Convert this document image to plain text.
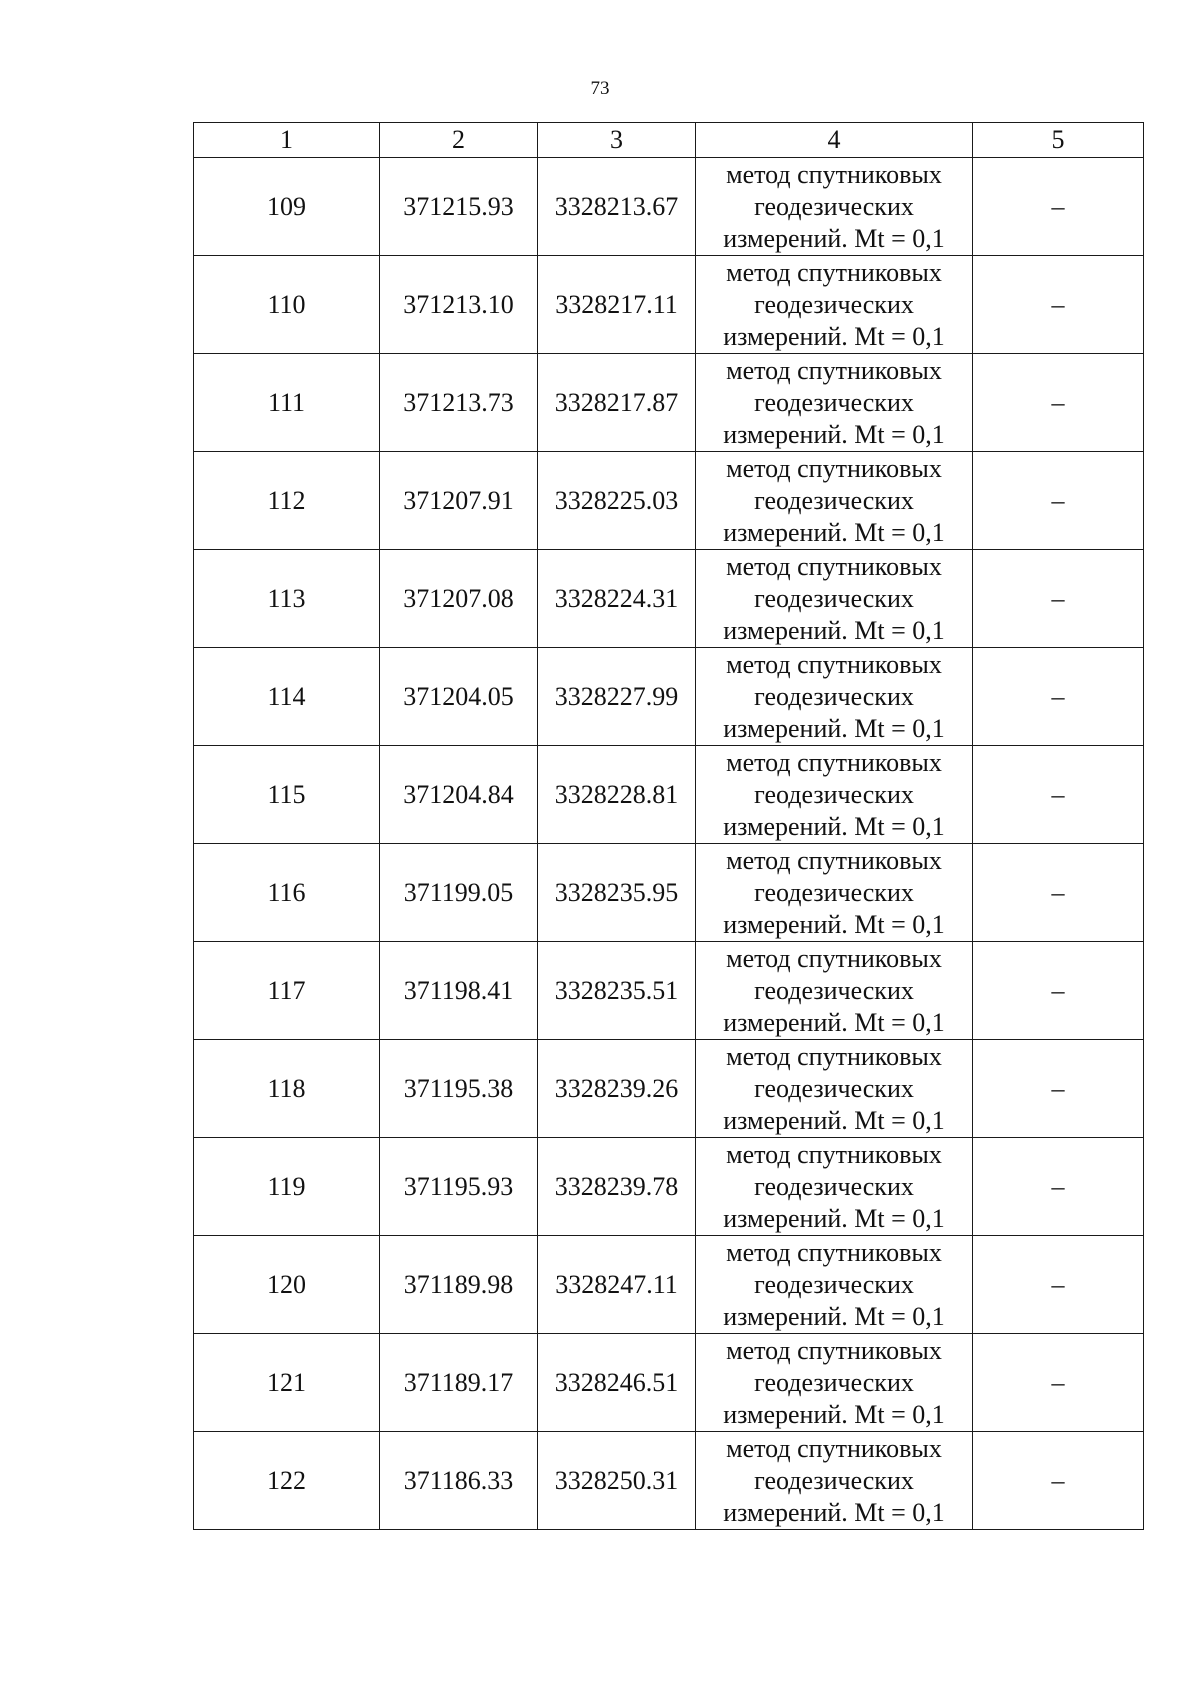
73
1	2	3	4	5
109	371215.93	3328213.67	метод спутниковых
геодезических
измерений. Mt = 0,1	–
110	371213.10	3328217.11	метод спутниковых
геодезических
измерений. Mt = 0,1	–
111	371213.73	3328217.87	метод спутниковых
геодезических
измерений. Mt = 0,1	–
112	371207.91	3328225.03	метод спутниковых
геодезических
измерений. Mt = 0,1	–
113	371207.08	3328224.31	метод спутниковых
геодезических
измерений. Mt = 0,1	–
114	371204.05	3328227.99	метод спутниковых
геодезических
измерений. Mt = 0,1	–
115	371204.84	3328228.81	метод спутниковых
геодезических
измерений. Mt = 0,1	–
116	371199.05	3328235.95	метод спутниковых
геодезических
измерений. Mt = 0,1	–
117	371198.41	3328235.51	метод спутниковых
геодезических
измерений. Mt = 0,1	–
118	371195.38	3328239.26	метод спутниковых
геодезических
измерений. Mt = 0,1	–
119	371195.93	3328239.78	метод спутниковых
геодезических
измерений. Mt = 0,1	–
120	371189.98	3328247.11	метод спутниковых
геодезических
измерений. Mt = 0,1	–
121	371189.17	3328246.51	метод спутниковых
геодезических
измерений. Mt = 0,1	–
122	371186.33	3328250.31	метод спутниковых
геодезических
измерений. Mt = 0,1	–
